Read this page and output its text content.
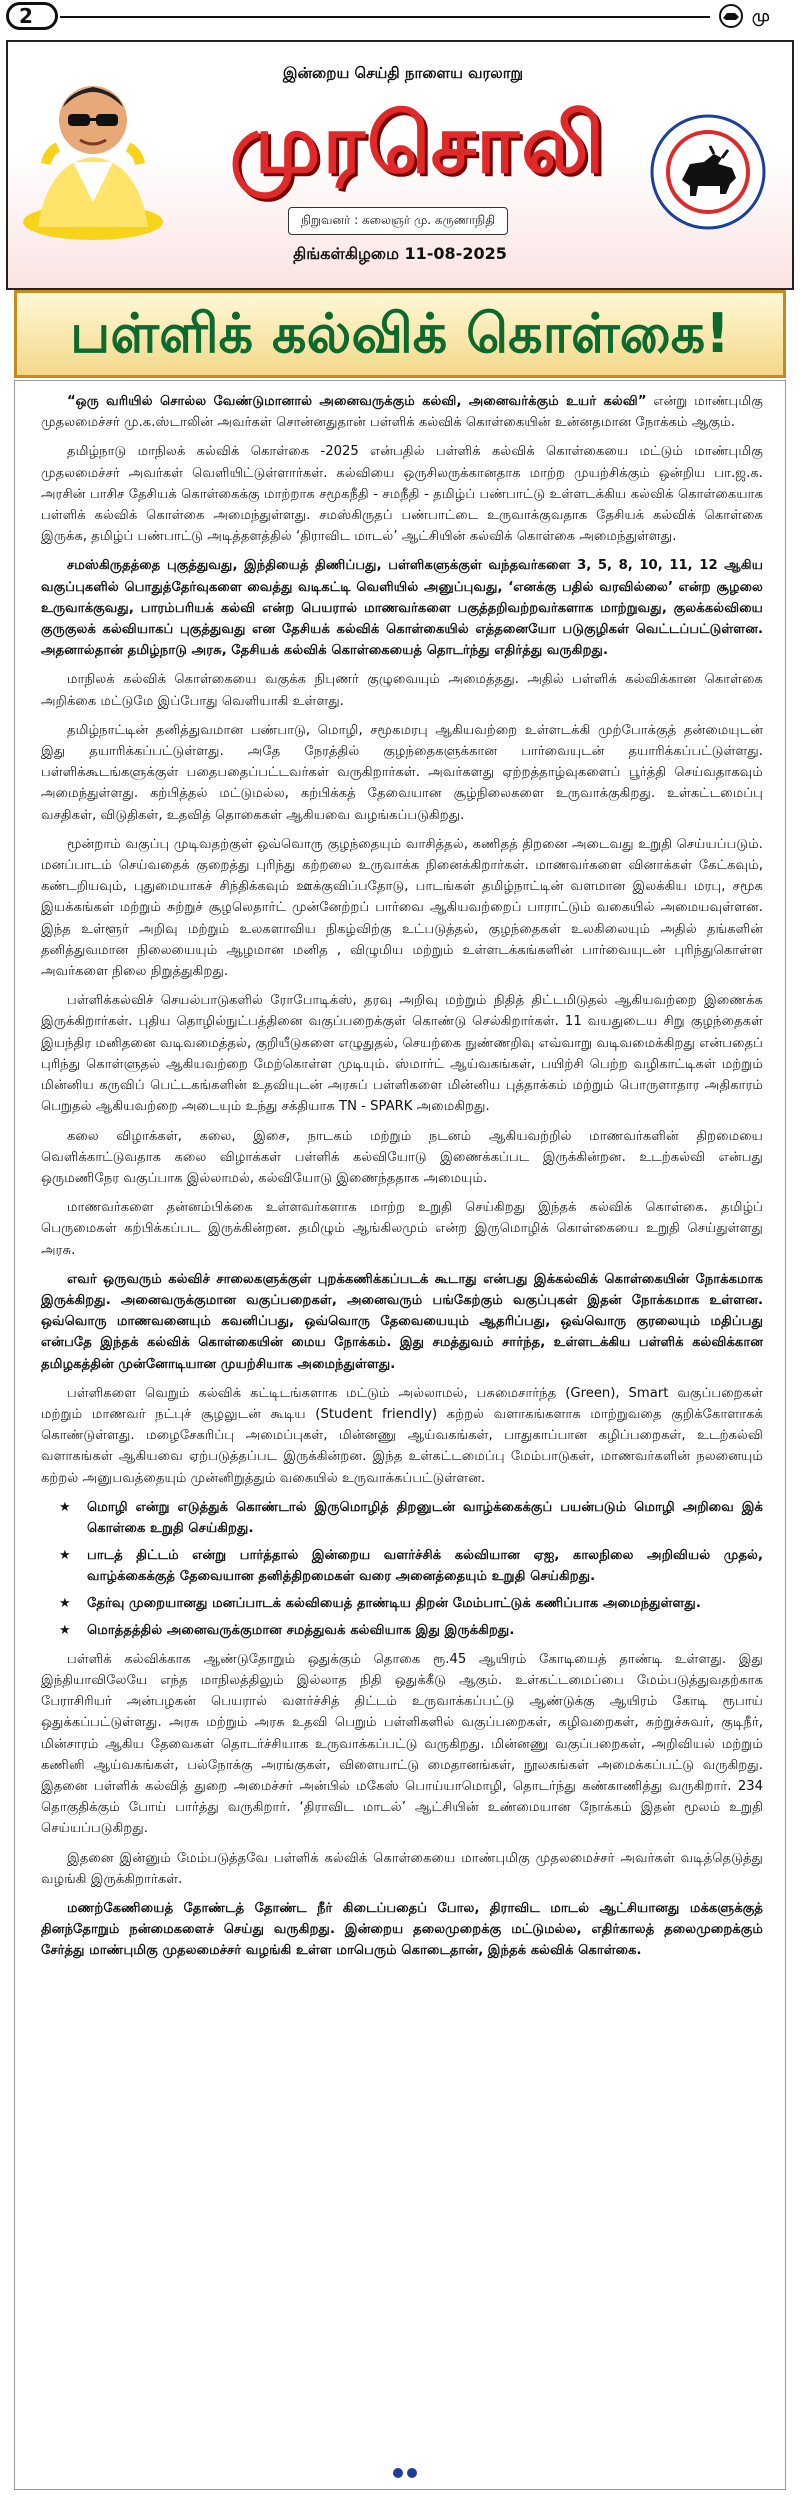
2	மு
இன்றைய செய்தி நாளைய வரலாறு
முரசொலி
நிறுவனர் : கலைஞர் மு. கருணாநிதி
திங்கள்கிழமை 11-08-2025
பள்ளிக் கல்விக் கொள்கை!

“ஒரு வரியில் சொல்ல வேண்டுமானால் அனைவருக்கும் கல்வி, அனைவர்க்கும் உயர் கல்வி” என்று மாண்புமிகு முதலமைச்சர் மு.க.ஸ்டாலின் அவர்கள் சொன்னதுதான் பள்ளிக் கல்விக் கொள்கையின் உன்னதமான நோக்கம் ஆகும்.

தமிழ்நாடு மாநிலக் கல்விக் கொள்கை -2025 என்பதில் பள்ளிக் கல்விக் கொள்கையை மட்டும் மாண்புமிகு முதலமைச்சர் அவர்கள் வெளியிட்டுள்ளார்கள். கல்வியை ஒருசிலருக்கானதாக மாற்ற முயற்சிக்கும் ஒன்றிய பா.ஜ.க. அரசின் பாசிச தேசியக் கொள்கைக்கு மாற்றாக சமூகநீதி - சமநீதி - தமிழ்ப் பண்பாட்டு உள்ளடக்கிய கல்விக் கொள்கையாக பள்ளிக் கல்விக் கொள்கை அமைந்துள்ளது. சமஸ்கிருதப் பண்பாட்டை உருவாக்குவதாக தேசியக் கல்விக் கொள்கை இருக்க, தமிழ்ப் பண்பாட்டு அடித்தளத்தில் ‘திராவிட மாடல்’ ஆட்சியின் கல்விக் கொள்கை அமைந்துள்ளது.

சமஸ்கிருதத்தை புகுத்துவது, இந்தியைத் திணிப்பது, பள்ளிகளுக்குள் வந்தவர்களை 3, 5, 8, 10, 11, 12 ஆகிய வகுப்புகளில் பொதுத்தேர்வுகளை வைத்து வடிகட்டி வெளியில் அனுப்புவது, ‘எனக்கு பதில் வரவில்லை’ என்ற சூழலை உருவாக்குவது, பாரம்பரியக் கல்வி என்ற பெயரால் மாணவர்களை பகுத்தறிவற்றவர்களாக மாற்றுவது, குலக்கல்வியை குருகுலக் கல்வியாகப் புகுத்துவது என தேசியக் கல்விக் கொள்கையில் எத்தனையோ படுகுழிகள் வெட்டப்பட்டுள்ளன. அதனால்தான் தமிழ்நாடு அரசு, தேசியக் கல்விக் கொள்கையைத் தொடர்ந்து எதிர்த்து வருகிறது.

மாநிலக் கல்விக் கொள்கையை வகுக்க நிபுணர் குழுவையும் அமைத்தது. அதில் பள்ளிக் கல்விக்கான கொள்கை அறிக்கை மட்டுமே இப்போது வெளியாகி உள்ளது.

தமிழ்நாட்டின் தனித்துவமான பண்பாடு, மொழி, சமூகமரபு ஆகியவற்றை உள்ளடக்கி முற்போக்குத் தன்மையுடன் இது தயாரிக்கப்பட்டுள்ளது. அதே நேரத்தில் குழந்தைகளுக்கான பார்வையுடன் தயாரிக்கப்பட்டுள்ளது. பள்ளிக்கூடங்களுக்குள் பதைபதைப்பட்டவர்கள் வருகிறார்கள். அவர்களது ஏற்றத்தாழ்வுகளைப் பூர்த்தி செய்வதாகவும் அமைந்துள்ளது. கற்பித்தல் மட்டுமல்ல, கற்பிக்கத் தேவையான சூழ்நிலைகளை உருவாக்குகிறது. உள்கட்டமைப்பு வசதிகள், விடுதிகள், உதவித் தொகைகள் ஆகியவை வழங்கப்படுகிறது.

மூன்றாம் வகுப்பு முடிவதற்குள் ஒவ்வொரு குழந்தையும் வாசித்தல், கணிதத் திறனை அடைவது உறுதி செய்யப்படும். மனப்பாடம் செய்வதைக் குறைத்து புரிந்து கற்றலை உருவாக்க நினைக்கிறார்கள். மாணவர்களை வினாக்கள் கேட்கவும், கண்டறியவும், புதுமையாகச் சிந்திக்கவும் ஊக்குவிப்பதோடு, பாடங்கள் தமிழ்நாட்டின் வளமான இலக்கிய மரபு, சமூக இயக்கங்கள் மற்றும் சுற்றுச் சூழலெதார்ட் முன்னேற்றப் பார்வை ஆகியவற்றைப் பாராட்டும் வகையில் அமையவுள்ளன. இந்த உள்ளூர் அறிவு மற்றும் உலகளாவிய நிகழ்விற்கு உட்படுத்தல், குழந்தைகள் உலகிலையும் அதில் தங்களின் தனித்துவமான நிலையையும் ஆழமான மனித , விழுமிய மற்றும் உள்ளடக்கங்களின் பார்வையுடன் புரிந்துகொள்ள அவர்களை நிலை நிறுத்துகிறது.

பள்ளிக்கல்விச் செயல்பாடுகளில் ரோபோடிக்ஸ், தரவு அறிவு மற்றும் நிதித் திட்டமிடுதல் ஆகியவற்றை இணைக்க இருக்கிறார்கள். புதிய தொழில்நுட்பத்தினை வகுப்பறைக்குள் கொண்டு செல்கிறார்கள். 11 வயதுடைய சிறு குழந்தைகள் இயந்திர மனிதனை வடிவமைத்தல், குறியீடுகளை எழுதுதல், செயற்கை நுண்ணறிவு எவ்வாறு வடிவமைக்கிறது என்பதைப் புரிந்து கொள்ளுதல் ஆகியவற்றை மேற்கொள்ள முடியும். ஸ்மார்ட் ஆய்வகங்கள், பயிற்சி பெற்ற வழிகாட்டிகள் மற்றும் மின்னிய கருவிப் பெட்டகங்களின் உதவியுடன் அரசுப் பள்ளிகளை மின்னிய புத்தாக்கம் மற்றும் பொருளாதார அதிகாரம் பெறுதல் ஆகியவற்றை அடையும் உந்து சக்தியாக TN - SPARK அமைகிறது.

கலை விழாக்கள், கலை, இசை, நாடகம் மற்றும் நடனம் ஆகியவற்றில் மாணவர்களின் திறமையை வெளிக்காட்டுவதாக கலை விழாக்கள் பள்ளிக் கல்வியோடு இணைக்கப்பட இருக்கின்றன. உடற்கல்வி என்பது ஒருமணிநேர வகுப்பாக இல்லாமல், கல்வியோடு இணைந்ததாக அமையும்.

மாணவர்களை தன்னம்பிக்கை உள்ளவர்களாக மாற்ற உறுதி செய்கிறது இந்தக் கல்விக் கொள்கை. தமிழ்ப் பெருமைகள் கற்பிக்கப்பட இருக்கின்றன. தமிழும் ஆங்கிலமும் என்ற இருமொழிக் கொள்கையை உறுதி செய்துள்ளது அரசு.

எவர் ஒருவரும் கல்விச் சாலைகளுக்குள் புறக்கணிக்கப்படக் கூடாது என்பது இக்கல்விக் கொள்கையின் நோக்கமாக இருக்கிறது. அனைவருக்குமான வகுப்பறைகள், அனைவரும் பங்கேற்கும் வகுப்புகள் இதன் நோக்கமாக உள்ளன. ஒவ்வொரு மாணவனையும் கவனிப்பது, ஒவ்வொரு தேவையையும் ஆதரிப்பது, ஒவ்வொரு குரலையும் மதிப்பது என்பதே இந்தக் கல்விக் கொள்கையின் மைய நோக்கம். இது சமத்துவம் சார்ந்த, உள்ளடக்கிய பள்ளிக் கல்விக்கான தமிழகத்தின் முன்னோடியான முயற்சியாக அமைந்துள்ளது.

பள்ளிகளை வெறும் கல்விக் கட்டிடங்களாக மட்டும் அல்லாமல், பசுமைசார்ந்த (Green), Smart வகுப்பறைகள் மற்றும் மாணவர் நட்புச் சூழலுடன் கூடிய (Student friendly) கற்றல் வளாகங்களாக மாற்றுவதை குறிக்கோளாகக் கொண்டுள்ளது. மழைசேகரிப்பு அமைப்புகள், மின்னணு ஆய்வகங்கள், பாதுகாப்பான கழிப்பறைகள், உடற்கல்வி வளாகங்கள் ஆகியவை ஏற்படுத்தப்பட இருக்கின்றன. இந்த உள்கட்டமைப்பு மேம்பாடுகள், மாணவர்களின் நலனையும் கற்றல் அனுபவத்தையும் முன்னிறுத்தும் வகையில் உருவாக்கப்பட்டுள்ளன.

★ மொழி என்று எடுத்துக் கொண்டால் இருமொழித் திறனுடன் வாழ்க்கைக்குப் பயன்படும் மொழி அறிவை இக் கொள்கை உறுதி செய்கிறது.
★ பாடத் திட்டம் என்று பார்த்தால் இன்றைய வளர்ச்சிக் கல்வியான ஏஐ, காலநிலை அறிவியல் முதல், வாழ்க்கைக்குத் தேவையான தனித்திறமைகள் வரை அனைத்தையும் உறுதி செய்கிறது.
★ தேர்வு முறையானது மனப்பாடக் கல்வியைத் தாண்டிய திறன் மேம்பாட்டுக் கணிப்பாக அமைந்துள்ளது.
★ மொத்தத்தில் அனைவருக்குமான சமத்துவக் கல்வியாக இது இருக்கிறது.

பள்ளிக் கல்விக்காக ஆண்டுதோறும் ஒதுக்கும் தொகை ரூ.45 ஆயிரம் கோடியைத் தாண்டி உள்ளது. இது இந்தியாவிலேயே எந்த மாநிலத்திலும் இல்லாத நிதி ஒதுக்கீடு ஆகும். உள்கட்டமைப்பை மேம்படுத்துவதற்காக பேராசிரியர் அன்பழகன் பெயரால் வளர்ச்சித் திட்டம் உருவாக்கப்பட்டு ஆண்டுக்கு ஆயிரம் கோடி ரூபாய் ஒதுக்கப்பட்டுள்ளது. அரசு மற்றும் அரசு உதவி பெறும் பள்ளிகளில் வகுப்பறைகள், கழிவறைகள், சுற்றுச்சுவர், குடிநீர், மின்சாரம் ஆகிய தேவைகள் தொடர்ச்சியாக உருவாக்கப்பட்டு வருகிறது. மின்னணு வகுப்பறைகள், அறிவியல் மற்றும் கணினி ஆய்வகங்கள், பல்நோக்கு அரங்குகள், விளையாட்டு மைதானங்கள், நூலகங்கள் அமைக்கப்பட்டு வருகிறது. இதனை பள்ளிக் கல்வித் துறை அமைச்சர் அன்பில் மகேஸ் பொய்யாமொழி, தொடர்ந்து கண்காணித்து வருகிறார். 234 தொகுதிக்கும் போய் பார்த்து வருகிறார். ‘திராவிட மாடல்’ ஆட்சியின் உண்மையான நோக்கம் இதன் மூலம் உறுதி செய்யப்படுகிறது.

இதனை இன்னும் மேம்படுத்தவே பள்ளிக் கல்விக் கொள்கையை மாண்புமிகு முதலமைச்சர் அவர்கள் வடித்தெடுத்து வழங்கி இருக்கிறார்கள்.

மணற்கேணியைத் தோண்டத் தோண்ட நீர் கிடைப்பதைப் போல, திராவிட மாடல் ஆட்சியானது மக்களுக்குத் தினந்தோறும் நன்மைகளைச் செய்து வருகிறது. இன்றைய தலைமுறைக்கு மட்டுமல்ல, எதிர்காலத் தலைமுறைக்கும் சேர்த்து மாண்புமிகு முதலமைச்சர் வழங்கி உள்ள மாபெரும் கொடைதான், இந்தக் கல்விக் கொள்கை.
